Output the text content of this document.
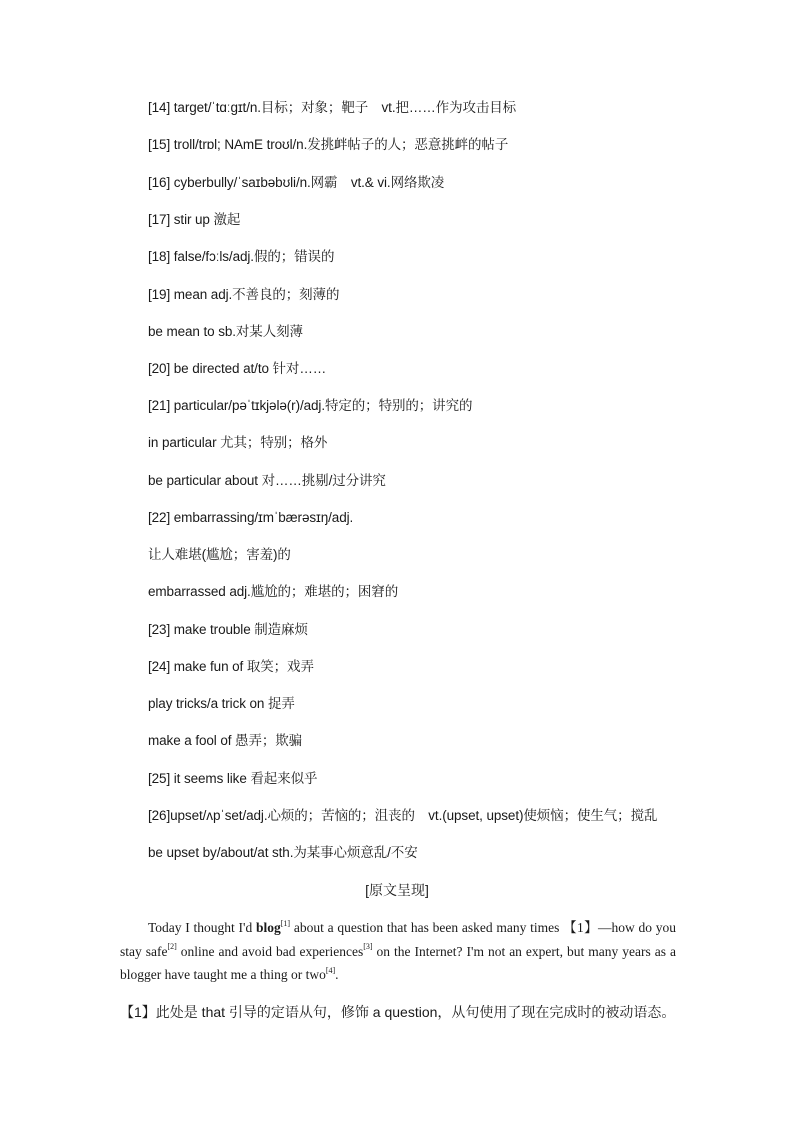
[14] target/ˈtɑːɡɪt/n.目标；对象；靶子　vt.把……作为攻击目标
[15] troll/trɒl; NAmE troʊl/n.发挑衅帖子的人；恶意挑衅的帖子
[16] cyberbully/ˈsaɪbəbʊli/n.网霸　vt.& vi.网络欺凌
[17] stir up 激起
[18] false/fɔːls/adj.假的；错误的
[19] mean adj.不善良的；刻薄的
be mean to sb.对某人刻薄
[20] be directed at/to 针对……
[21] particular/pəˈtɪkjələ(r)/adj.特定的；特别的；讲究的
in particular 尤其；特别；格外
be particular about 对……挑剔/过分讲究
[22] embarrassing/ɪmˈbærəsɪŋ/adj.
让人难堪(尴尬；害羞)的
embarrassed adj.尴尬的；难堪的；困窘的
[23] make trouble 制造麻烦
[24] make fun of 取笑；戏弄
play tricks/a trick on 捉弄
make a fool of 愚弄；欺骗
[25] it seems like 看起来似乎
[26]upset/ʌpˈset/adj.心烦的；苦恼的；沮丧的　vt.(upset, upset)使烦恼；使生气；搅乱
be upset by/about/at sth.为某事心烦意乱/不安
[原文呈现]
Today I thought I'd blog[1] about a question that has been asked many times 【1】—how do you stay safe[2] online and avoid bad experiences[3] on the Internet? I'm not an expert, but many years as a blogger have taught me a thing or two[4].
【1】此处是 that 引导的定语从句，修饰 a question，从句使用了现在完成时的被动语态。
